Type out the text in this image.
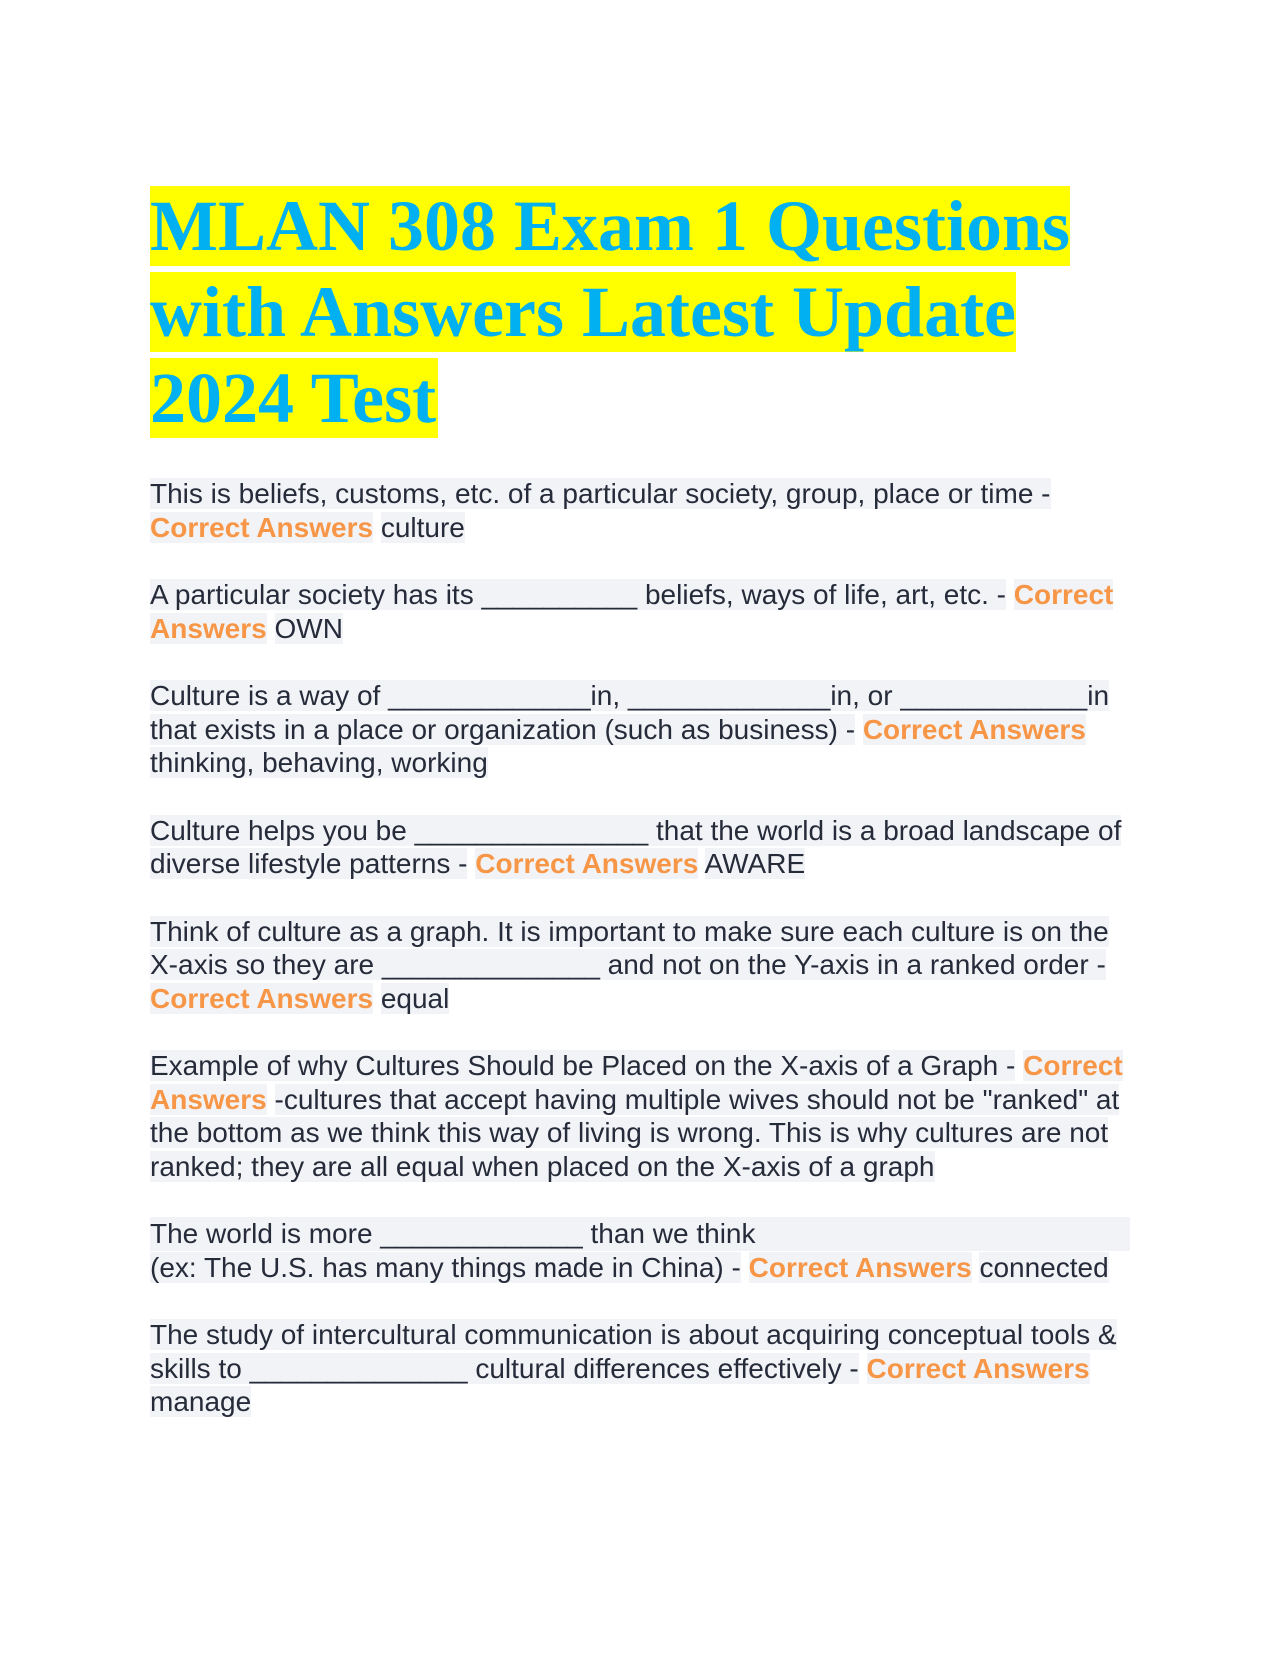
MLAN 308 Exam 1 Questions with Answers Latest Update 2024 Test

This is beliefs, customs, etc. of a particular society, group, place or time - Correct Answers culture

A particular society has its __________ beliefs, ways of life, art, etc. - Correct Answers OWN

Culture is a way of _____________in, _____________in, or ____________in that exists in a place or organization (such as business) - Correct Answers thinking, behaving, working

Culture helps you be _______________ that the world is a broad landscape of diverse lifestyle patterns - Correct Answers AWARE

Think of culture as a graph. It is important to make sure each culture is on the X-axis so they are ______________ and not on the Y-axis in a ranked order - Correct Answers equal

Example of why Cultures Should be Placed on the X-axis of a Graph - Correct Answers -cultures that accept having multiple wives should not be "ranked" at the bottom as we think this way of living is wrong. This is why cultures are not ranked; they are all equal when placed on the X-axis of a graph

The world is more _____________ than we think
(ex: The U.S. has many things made in China) - Correct Answers connected

The study of intercultural communication is about acquiring conceptual tools & skills to ______________ cultural differences effectively - Correct Answers manage
